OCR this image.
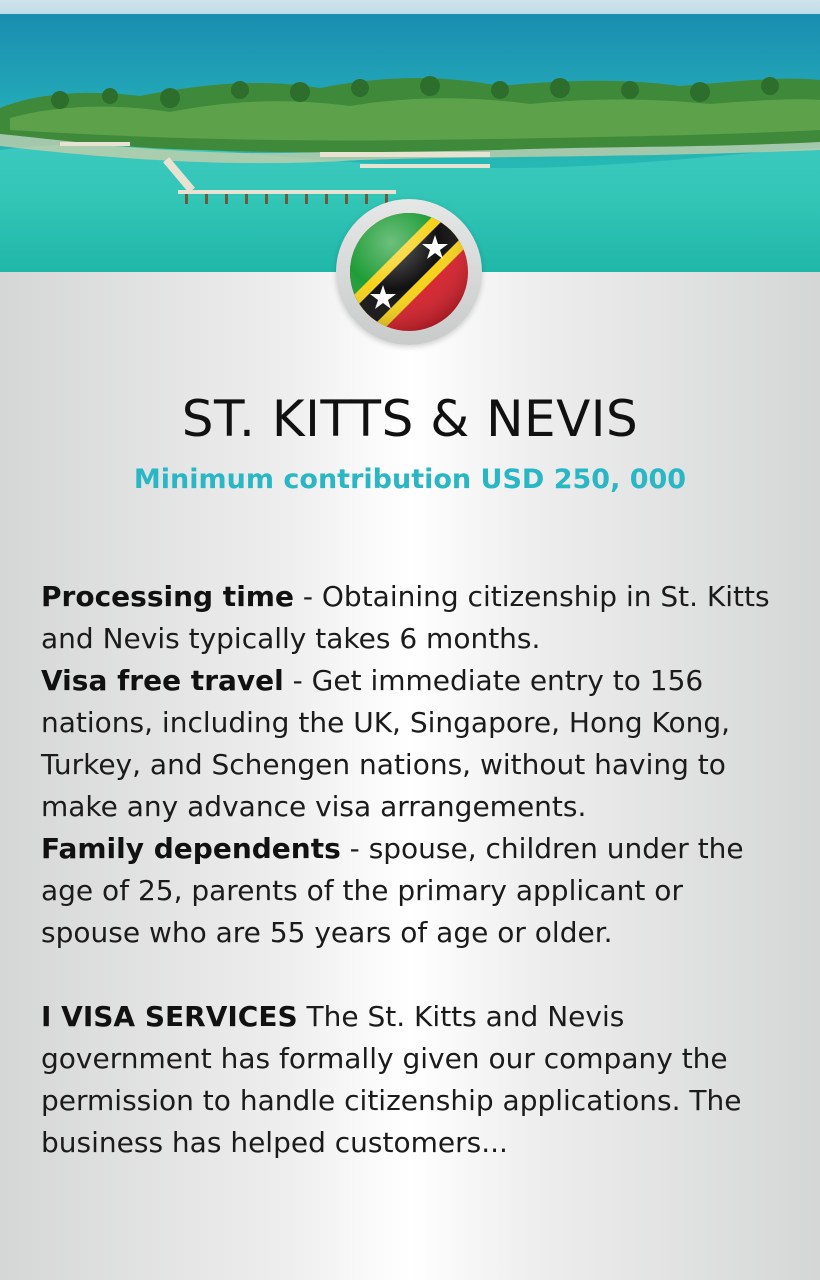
ST. KITTS & NEVIS
Minimum contribution USD 250, 000

Processing time - Obtaining citizenship in St. Kitts and Nevis typically takes 6 months.

Visa free travel - Get immediate entry to 156 nations, including the UK, Singapore, Hong Kong, Turkey, and Schengen nations, without having to make any advance visa arrangements.

Family dependents - spouse, children under the age of 25, parents of the primary applicant or spouse who are 55 years of age or older.

I VISA SERVICES The St. Kitts and Nevis government has formally given our company the permission to handle citizenship applications. The business has helped customers...
